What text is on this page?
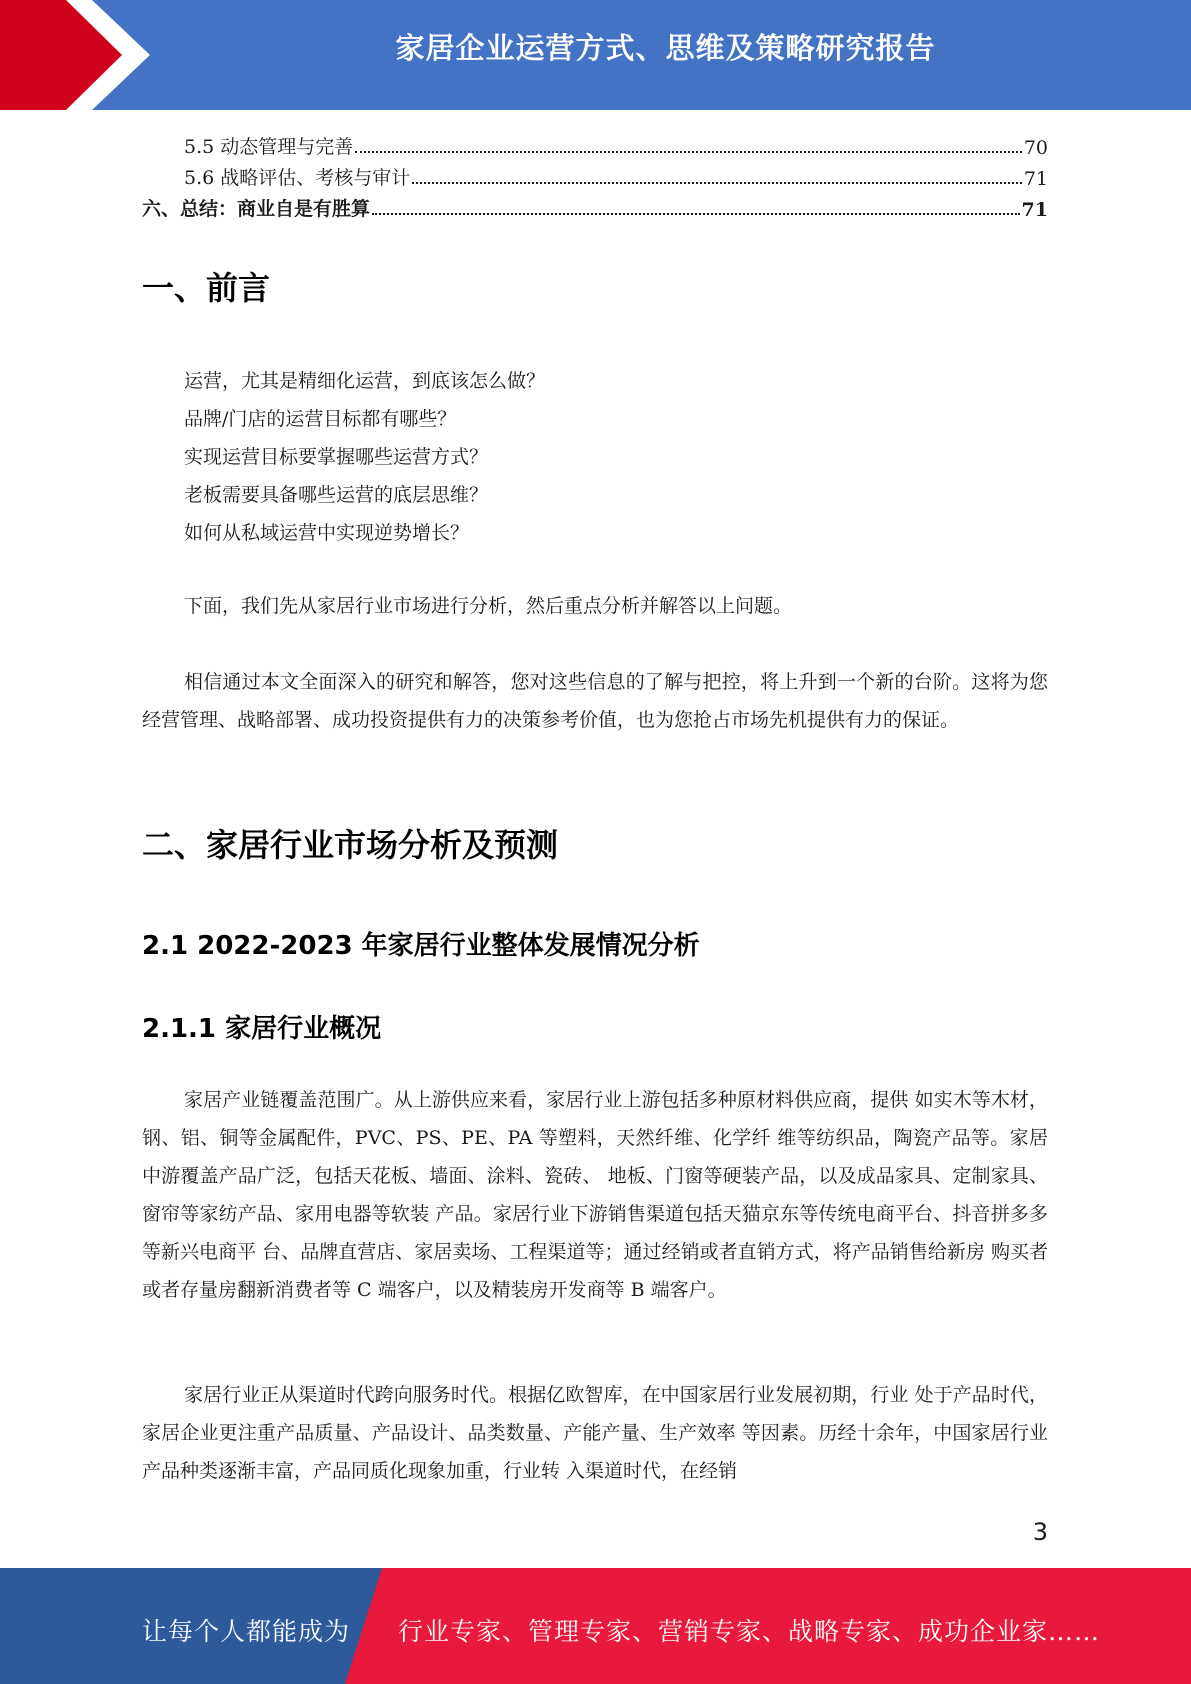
家居企业运营方式、思维及策略研究报告
5.5 动态管理与完善	70
5.6 战略评估、考核与审计	71
六、总结：商业自是有胜算	71
一、前言
运营，尤其是精细化运营，到底该怎么做？
品牌/门店的运营目标都有哪些？
实现运营目标要掌握哪些运营方式？
老板需要具备哪些运营的底层思维？
如何从私域运营中实现逆势增长？
下面，我们先从家居行业市场进行分析，然后重点分析并解答以上问题。
相信通过本文全面深入的研究和解答，您对这些信息的了解与把控，将上升到一个新的台阶。这将为您经营管理、战略部署、成功投资提供有力的决策参考价值，也为您抢占市场先机提供有力的保证。
二、家居行业市场分析及预测
2.1 2022-2023 年家居行业整体发展情况分析
2.1.1 家居行业概况
家居产业链覆盖范围广。从上游供应来看，家居行业上游包括多种原材料供应商，提供 如实木等木材，钢、铝、铜等金属配件，PVC、PS、PE、PA 等塑料，天然纤维、化学纤 维等纺织品，陶瓷产品等。家居中游覆盖产品广泛，包括天花板、墙面、涂料、瓷砖、 地板、门窗等硬装产品，以及成品家具、定制家具、窗帘等家纺产品、家用电器等软装 产品。家居行业下游销售渠道包括天猫京东等传统电商平台、抖音拼多多等新兴电商平 台、品牌直营店、家居卖场、工程渠道等；通过经销或者直销方式，将产品销售给新房 购买者或者存量房翻新消费者等 C 端客户，以及精装房开发商等 B 端客户。
家居行业正从渠道时代跨向服务时代。根据亿欧智库，在中国家居行业发展初期，行业 处于产品时代，家居企业更注重产品质量、产品设计、品类数量、产能产量、生产效率 等因素。历经十余年，中国家居行业产品种类逐渐丰富，产品同质化现象加重，行业转 入渠道时代，在经销
3
让每个人都能成为 行业专家、管理专家、营销专家、战略专家、成功企业家……
